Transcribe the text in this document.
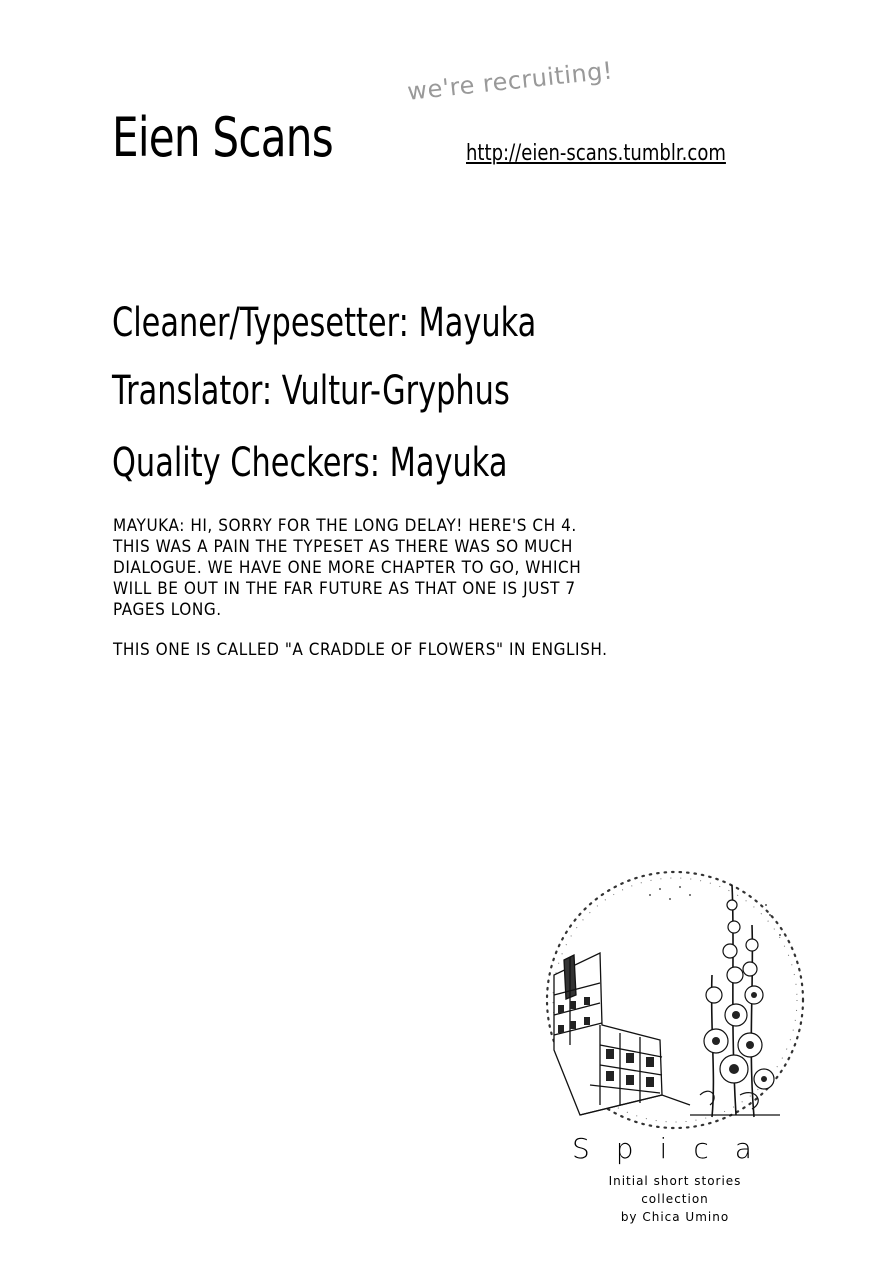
Eien Scans
we're recruiting!
http://eien-scans.tumblr.com
Cleaner/Typesetter: Mayuka
Translator: Vultur-Gryphus
Quality Checkers: Mayuka

MAYUKA: HI, SORRY FOR THE LONG DELAY! HERE'S CH 4.

THIS WAS A PAIN THE TYPESET AS THERE WAS SO MUCH

DIALOGUE. WE HAVE ONE MORE CHAPTER TO GO, WHICH

WILL BE OUT IN THE FAR FUTURE AS THAT ONE IS JUST 7

PAGES LONG.

THIS ONE IS CALLED "A CRADDLE OF FLOWERS" IN ENGLISH.

Spica
Initial short stories
collection
by Chica Umino
